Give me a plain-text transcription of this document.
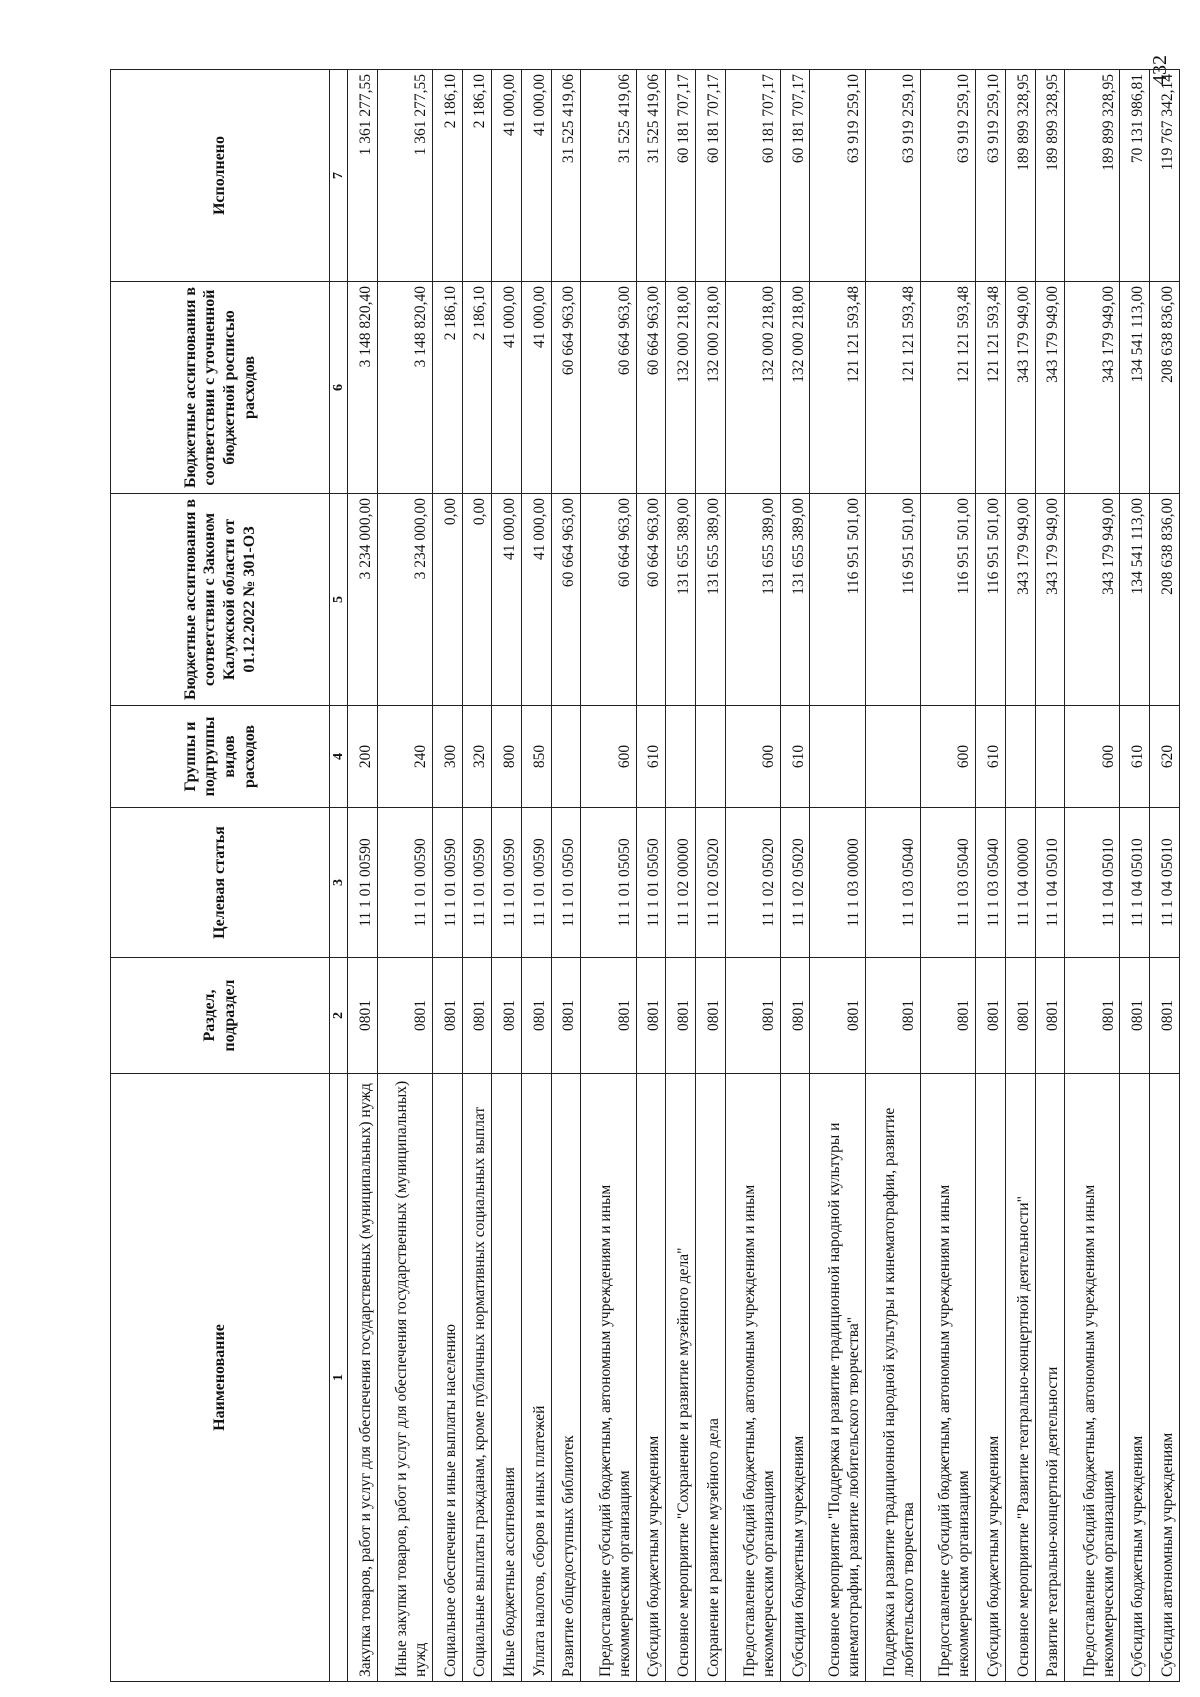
432
Наименование	Раздел, подраздел	Целевая статья	Группы и подгруппы видов расходов	Бюджетные ассигнования в соответствии с Законом Калужской области от 01.12.2022 № 301-ОЗ	Бюджетные ассигнования в соответствии с уточненной бюджетной росписью расходов	Исполнено
1	2	3	4	5	6	7
Закупка товаров, работ и услуг для обеспечения государственных (муниципальных) нужд	0801	11 1 01 00590	200	3 234 000,00	3 148 820,40	1 361 277,55
Иные закупки товаров, работ и услуг для обеспечения государственных (муниципальных) нужд	0801	11 1 01 00590	240	3 234 000,00	3 148 820,40	1 361 277,55
Социальное обеспечение и иные выплаты населению	0801	11 1 01 00590	300	0,00	2 186,10	2 186,10
Социальные выплаты гражданам, кроме публичных нормативных социальных выплат	0801	11 1 01 00590	320	0,00	2 186,10	2 186,10
Иные бюджетные ассигнования	0801	11 1 01 00590	800	41 000,00	41 000,00	41 000,00
Уплата налогов, сборов и иных платежей	0801	11 1 01 00590	850	41 000,00	41 000,00	41 000,00
Развитие общедоступных библиотек	0801	11 1 01 05050		60 664 963,00	60 664 963,00	31 525 419,06
Предоставление субсидий бюджетным, автономным учреждениям и иным некоммерческим организациям	0801	11 1 01 05050	600	60 664 963,00	60 664 963,00	31 525 419,06
Субсидии бюджетным учреждениям	0801	11 1 01 05050	610	60 664 963,00	60 664 963,00	31 525 419,06
Основное мероприятие "Сохранение и развитие музейного дела"	0801	11 1 02 00000		131 655 389,00	132 000 218,00	60 181 707,17
Сохранение и развитие музейного дела	0801	11 1 02 05020		131 655 389,00	132 000 218,00	60 181 707,17
Предоставление субсидий бюджетным, автономным учреждениям и иным некоммерческим организациям	0801	11 1 02 05020	600	131 655 389,00	132 000 218,00	60 181 707,17
Субсидии бюджетным учреждениям	0801	11 1 02 05020	610	131 655 389,00	132 000 218,00	60 181 707,17
Основное мероприятие "Поддержка и развитие традиционной народной культуры и кинематографии, развитие любительского творчества"	0801	11 1 03 00000		116 951 501,00	121 121 593,48	63 919 259,10
Поддержка и развитие традиционной народной культуры и кинематографии, развитие любительского творчества	0801	11 1 03 05040		116 951 501,00	121 121 593,48	63 919 259,10
Предоставление субсидий бюджетным, автономным учреждениям и иным некоммерческим организациям	0801	11 1 03 05040	600	116 951 501,00	121 121 593,48	63 919 259,10
Субсидии бюджетным учреждениям	0801	11 1 03 05040	610	116 951 501,00	121 121 593,48	63 919 259,10
Основное мероприятие "Развитие театрально-концертной деятельности"	0801	11 1 04 00000		343 179 949,00	343 179 949,00	189 899 328,95
Развитие театрально-концертной деятельности	0801	11 1 04 05010		343 179 949,00	343 179 949,00	189 899 328,95
Предоставление субсидий бюджетным, автономным учреждениям и иным некоммерческим организациям	0801	11 1 04 05010	600	343 179 949,00	343 179 949,00	189 899 328,95
Субсидии бюджетным учреждениям	0801	11 1 04 05010	610	134 541 113,00	134 541 113,00	70 131 986,81
Субсидии автономным учреждениям	0801	11 1 04 05010	620	208 638 836,00	208 638 836,00	119 767 342,14
